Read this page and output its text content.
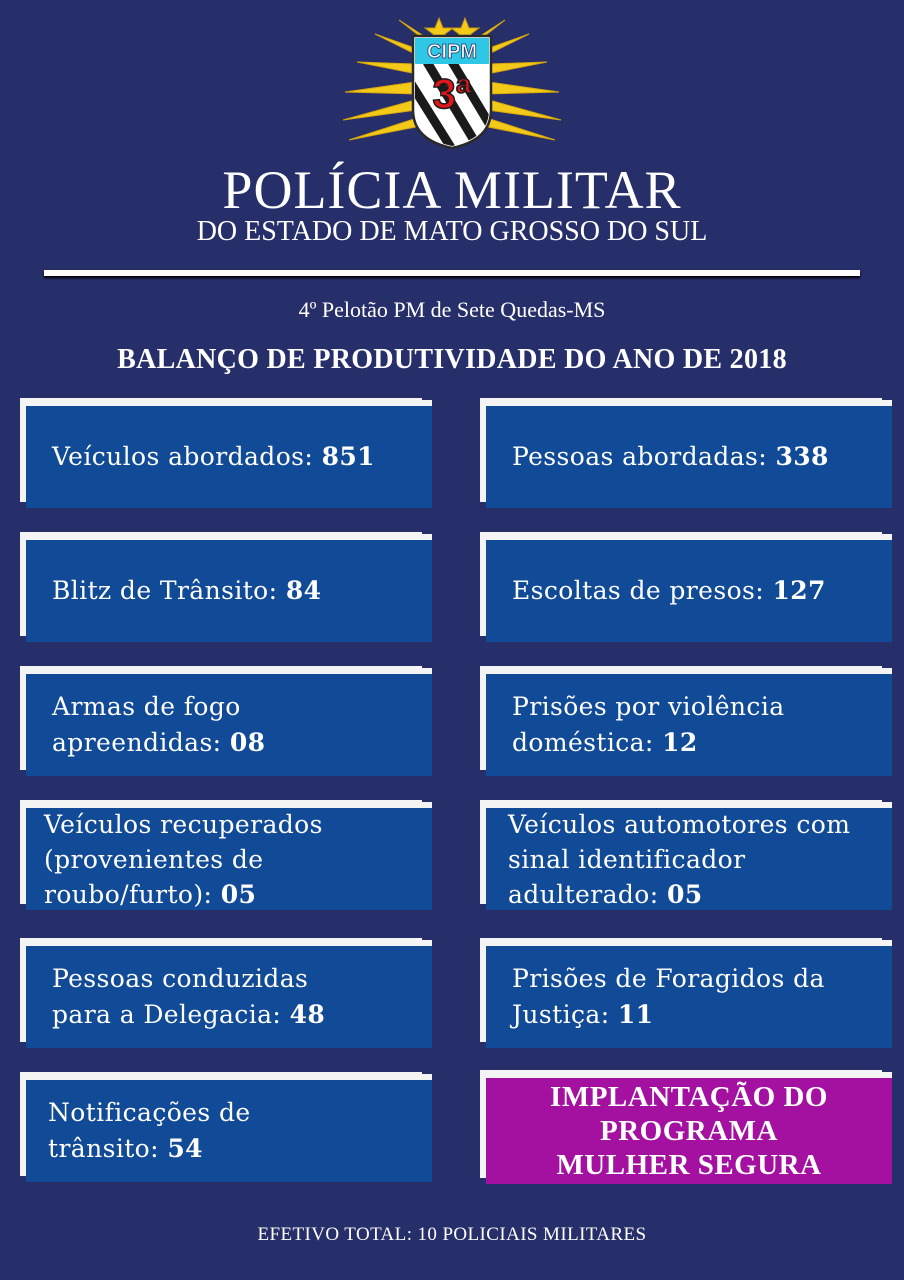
CIPM
3ª
POLÍCIA MILITAR
DO ESTADO DE MATO GROSSO DO SUL
4º Pelotão PM de Sete Quedas-MS
BALANÇO DE PRODUTIVIDADE DO ANO DE 2018
Veículos abordados: 851	Pessoas abordadas: 338
Blitz de Trânsito: 84	Escoltas de presos: 127
Armas de fogo apreendidas: 08
Prisões por violência doméstica: 12
Veículos recuperados (provenientes de roubo/furto): 05
Veículos automotores com sinal identificador adulterado: 05
Pessoas conduzidas para a Delegacia: 48
Prisões de Foragidos da Justiça: 11
Notificações de trânsito: 54
IMPLANTAÇÃO DO
PROGRAMA
MULHER SEGURA
EFETIVO TOTAL: 10 POLICIAIS MILITARES
